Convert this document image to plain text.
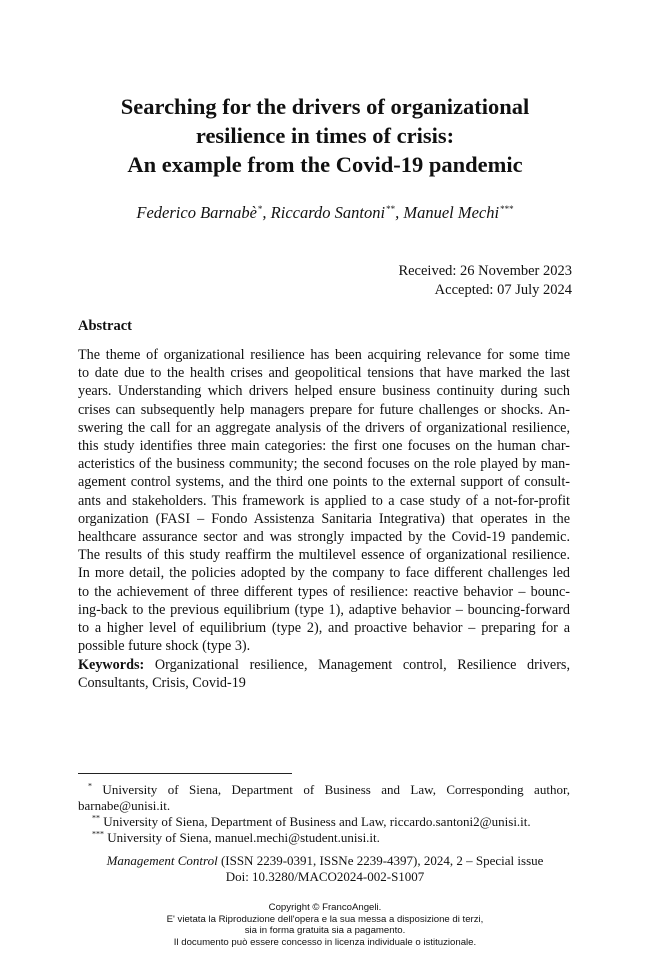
Searching for the drivers of organizational
resilience in times of crisis:
An example from the Covid-19 pandemic
Federico Barnabè*, Riccardo Santoni**, Manuel Mechi***
Received: 26 November 2023
Accepted: 07 July 2024
Abstract
The theme of organizational resilience has been acquiring relevance for some time
to date due to the health crises and geopolitical tensions that have marked the last
years. Understanding which drivers helped ensure business continuity during such
crises can subsequently help managers prepare for future challenges or shocks. An-
swering the call for an aggregate analysis of the drivers of organizational resilience,
this study identifies three main categories: the first one focuses on the human char-
acteristics of the business community; the second focuses on the role played by man-
agement control systems, and the third one points to the external support of consult-
ants and stakeholders. This framework is applied to a case study of a not-for-profit
organization (FASI – Fondo Assistenza Sanitaria Integrativa) that operates in the
healthcare assurance sector and was strongly impacted by the Covid-19 pandemic.
The results of this study reaffirm the multilevel essence of organizational resilience.
In more detail, the policies adopted by the company to face different challenges led
to the achievement of three different types of resilience: reactive behavior – bounc-
ing-back to the previous equilibrium (type 1), adaptive behavior – bouncing-forward
to a higher level of equilibrium (type 2), and proactive behavior – preparing for a
possible future shock (type 3).
Keywords: Organizational resilience, Management control, Resilience drivers,
Consultants, Crisis, Covid-19
* University of Siena, Department of Business and Law, Corresponding author,
barnabe@unisi.it.
** University of Siena, Department of Business and Law, riccardo.santoni2@unisi.it.
*** University of Siena, manuel.mechi@student.unisi.it.
Management Control (ISSN 2239-0391, ISSNe 2239-4397), 2024, 2 – Special issue
Doi: 10.3280/MACO2024-002-S1007
Copyright © FrancoAngeli.
E' vietata la Riproduzione dell'opera e la sua messa a disposizione di terzi,
sia in forma gratuita sia a pagamento.
Il documento può essere concesso in licenza individuale o istituzionale.
